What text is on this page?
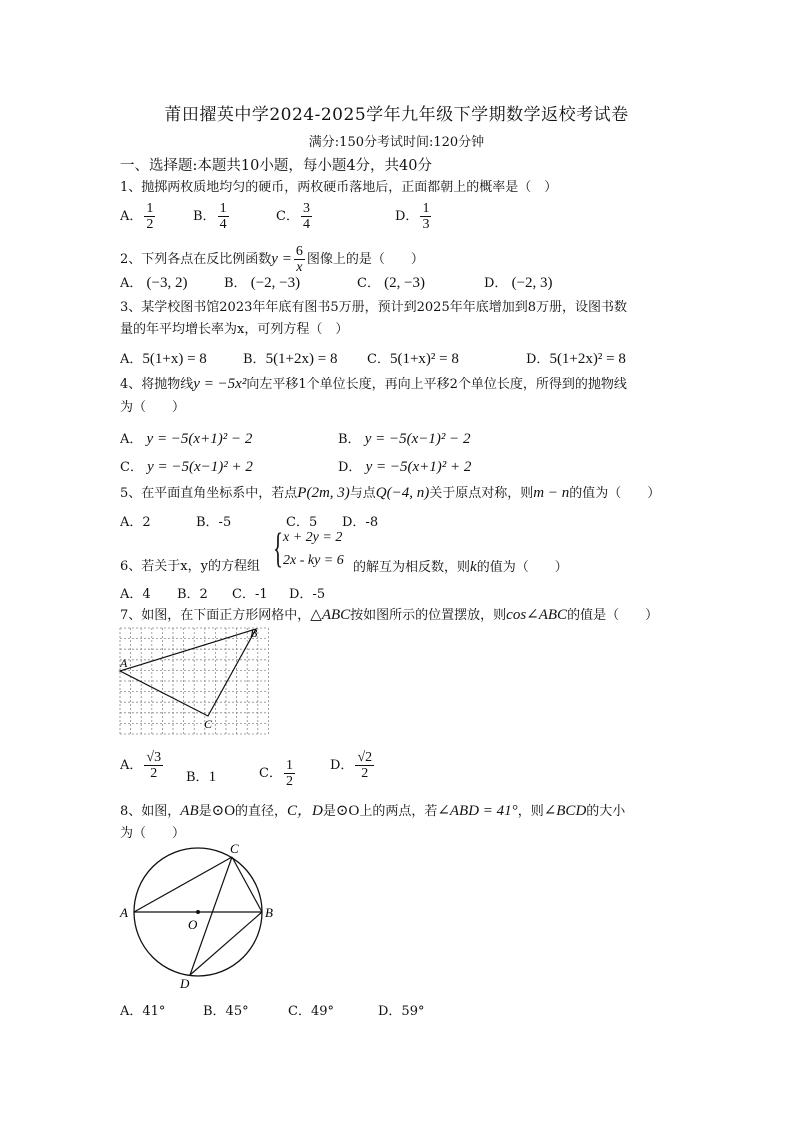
莆田擢英中学2024-2025学年九年级下学期数学返校考试卷
满分:150分考试时间:120分钟
一、选择题:本题共10小题，每小题4分，共40分
1、抛掷两枚质地均匀的硬币，两枚硬币落地后，正面都朝上的概率是（　）
A． $\frac{1}{2}$	B． $\frac{1}{4}$	C． $\frac{3}{4}$	D． $\frac{1}{3}$
2、下列各点在反比例函数$y = \frac{6}{x}$ 图像上的是（　　）
A． (−3, 2)	B． (−2, −3)	C． (2, −3)	D． (−2, 3)
3、某学校图书馆2023年年底有图书5万册，预计到2025年年底增加到8万册，设图书数
量的年平均增长率为x，可列方程（　）
A．5(1+x) = 8	B．5(1+2x) = 8 C．5(1+x)² = 8	D．5(1+2x)² = 8
4、将抛物线y = −5x²向左平移1个单位长度，再向上平移2个单位长度，所得到的抛物线
为（　　）
A． y = −5(x+1)² − 2	B． y = −5(x−1)² − 2
C． y = −5(x−1)² + 2	D． y = −5(x+1)² + 2
5、在平面直角坐标系中，若点P(2m, 3)与点Q(−4, n)关于原点对称，则m − n的值为（　　）
A．2	B．-5	C．5 D．-8
{ x + 2y = 2
2x - ky = 6
6、若关于x，y的方程组	的解互为相反数，则k的值为（　　）
A．4 B．2 C．-1 D．-5
7、如图，在下面正方形网格中，△ABC按如图所示的位置摆放，则cos∠ABC的值是（　　）
A
B
C
A． $\frac{√3}{2}$ B．1	C． $\frac{1}{2}$	D． $\frac{√2}{2}$
8、如图，AB是⊙O的直径，C，D是⊙O上的两点，若∠ABD = 41°，则∠BCD的大小
为（　　）
A	B
C
D
O
A．41°	B．45°	C．49°	D．59°
